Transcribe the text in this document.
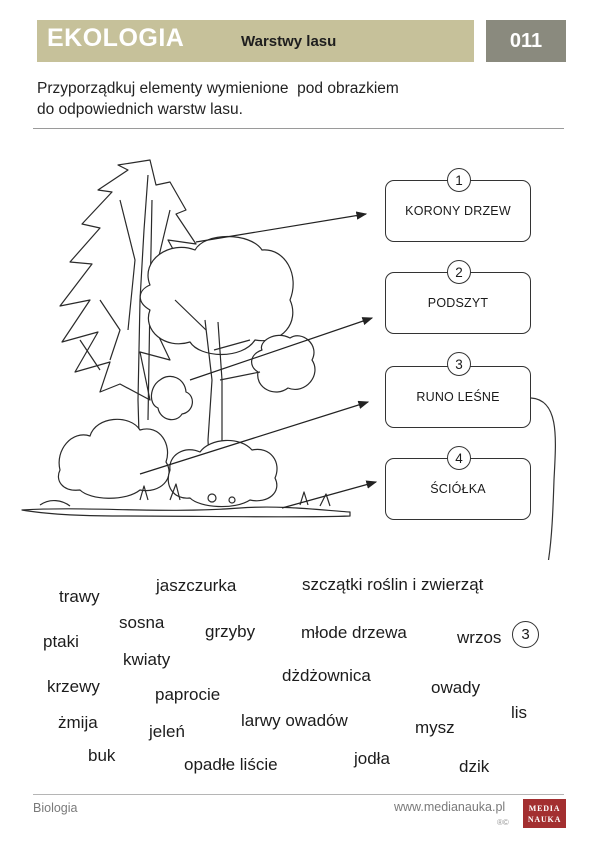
EKOLOGIA	Warstwy lasu	011

Przyporządkuj elementy wymienione  pod obrazkiem
do odpowiednich warstw lasu.

KORONY DRZEW
1
PODSZYT
2
RUNO LEŚNE
3
ŚCIÓŁKA
4
trawy
jaszczurka	szczątki roślin i zwierząt
sosna grzyby
ptaki	młode drzewa	wrzos
kwiaty
dżdżownica
krzewy	paprocie	owady
lis
żmija	larwy owadów
jeleń	mysz
buk	jodła
opadłe liście	dzik
3
Biologia	www.medianauka.pl
®©
MEDIA
NAUKA
